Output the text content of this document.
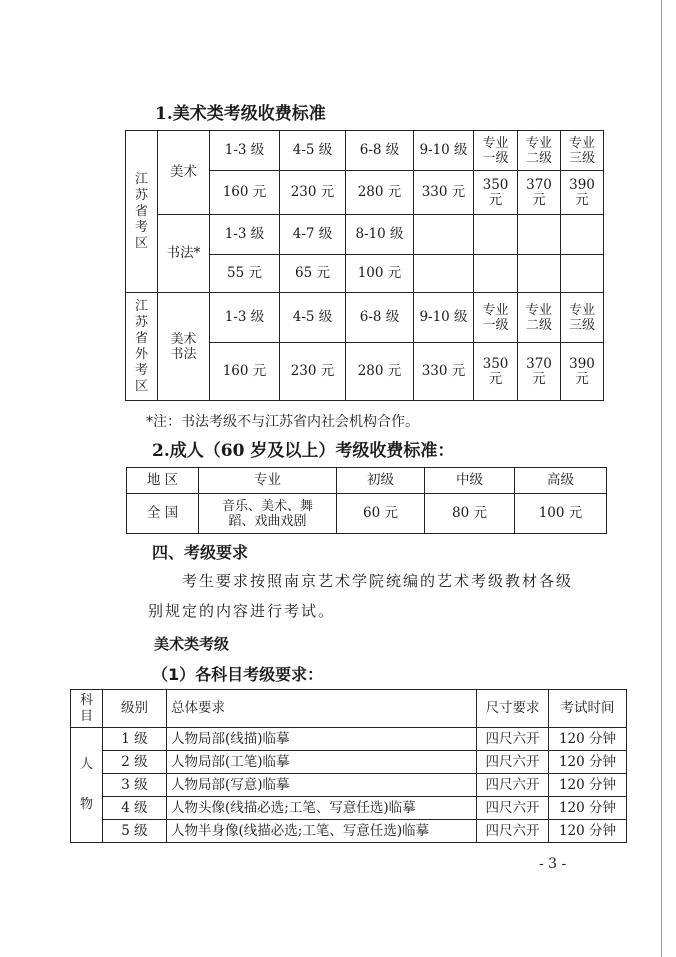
1.美术类考级收费标准
江苏省考区	美术	1-3 级	4-5 级	6-8 级	9-10 级	专业一级	专业二级	专业三级
		160 元	230 元	280 元	330 元	350 元	370 元	390 元
	书法*	1-3 级	4-7 级	8-10 级				
		55 元	65 元	100 元				
江苏省外考区	美术书法	1-3 级	4-5 级	6-8 级	9-10 级	专业一级	专业二级	专业三级
		160 元	230 元	280 元	330 元	350 元	370 元	390 元
*注：书法考级不与江苏省内社会机构合作。
2.成人（60 岁及以上）考级收费标准：
地 区	专业	初级	中级	高级
全 国	音乐、美术、舞蹈、戏曲戏剧	60 元	80 元	100 元
四、考级要求
考生要求按照南京艺术学院统编的艺术考级教材各级
别规定的内容进行考试。
美术类考级
（1）各科目考级要求：
科目	级别	总体要求	尺寸要求	考试时间
人物	1 级	人物局部(线描)临摹	四尺六开	120 分钟
	2 级	人物局部(工笔)临摹	四尺六开	120 分钟
	3 级	人物局部(写意)临摹	四尺六开	120 分钟
	4 级	人物头像(线描必选;工笔、写意任选)临摹	四尺六开	120 分钟
	5 级	人物半身像(线描必选;工笔、写意任选)临摹	四尺六开	120 分钟
- 3 -
